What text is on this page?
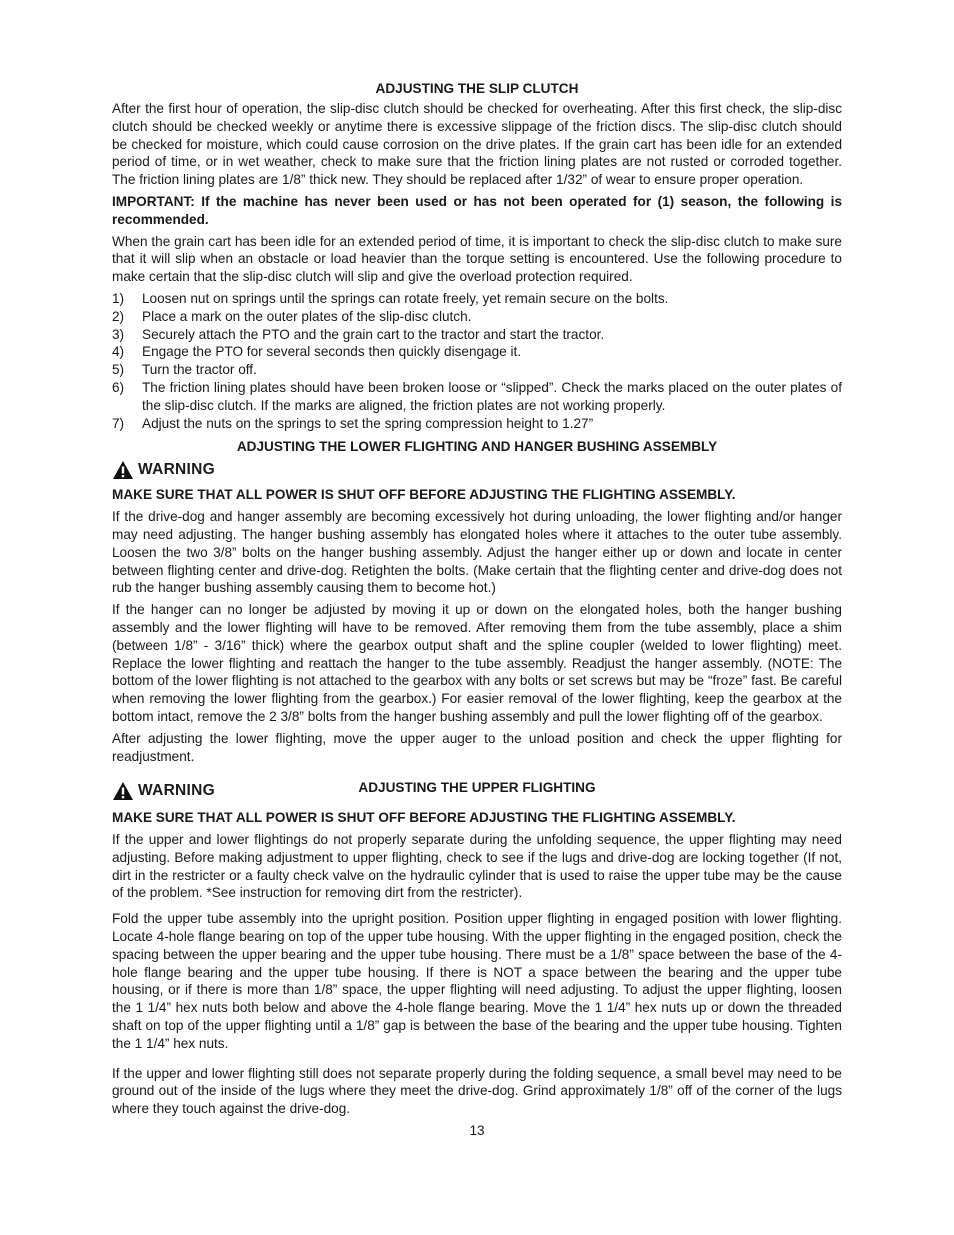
ADJUSTING THE SLIP CLUTCH

After the first hour of operation, the slip-disc clutch should be checked for overheating. After this first check, the slip-disc clutch should be checked weekly or anytime there is excessive slippage of the friction discs. The slip-disc clutch should be checked for moisture, which could cause corrosion on the drive plates. If the grain cart has been idle for an extended period of time, or in wet weather, check to make sure that the friction lining plates are not rusted or corroded together. The friction lining plates are 1/8” thick new. They should be replaced after 1/32” of wear to ensure proper operation.

IMPORTANT: If the machine has never been used or has not been operated for (1) season, the following is recommended.

When the grain cart has been idle for an extended period of time, it is important to check the slip-disc clutch to make sure that it will slip when an obstacle or load heavier than the torque setting is encountered. Use the following procedure to make certain that the slip-disc clutch will slip and give the overload protection required.

1) Loosen nut on springs until the springs can rotate freely, yet remain secure on the bolts.
2) Place a mark on the outer plates of the slip-disc clutch.
3) Securely attach the PTO and the grain cart to the tractor and start the tractor.
4) Engage the PTO for several seconds then quickly disengage it.
5) Turn the tractor off.
6) The friction lining plates should have been broken loose or “slipped”. Check the marks placed on the outer plates of the slip-disc clutch. If the marks are aligned, the friction plates are not working properly.
7) Adjust the nuts on the springs to set the spring compression height to 1.27”
ADJUSTING THE LOWER FLIGHTING AND HANGER BUSHING ASSEMBLY
WARNING

MAKE SURE THAT ALL POWER IS SHUT OFF BEFORE ADJUSTING THE FLIGHTING ASSEMBLY.

If the drive-dog and hanger assembly are becoming excessively hot during unloading, the lower flighting and/or hanger may need adjusting. The hanger bushing assembly has elongated holes where it attaches to the outer tube assembly. Loosen the two 3/8” bolts on the hanger bushing assembly. Adjust the hanger either up or down and locate in center between flighting center and drive-dog. Retighten the bolts. (Make certain that the flighting center and drive-dog does not rub the hanger bushing assembly causing them to become hot.)

If the hanger can no longer be adjusted by moving it up or down on the elongated holes, both the hanger bushing assembly and the lower flighting will have to be removed. After removing them from the tube assembly, place a shim (between 1/8” - 3/16” thick) where the gearbox output shaft and the spline coupler (welded to lower flighting) meet. Replace the lower flighting and reattach the hanger to the tube assembly. Readjust the hanger assembly. (NOTE: The bottom of the lower flighting is not attached to the gearbox with any bolts or set screws but may be “froze” fast. Be careful when removing the lower flighting from the gearbox.) For easier removal of the lower flighting, keep the gearbox at the bottom intact, remove the 2 3/8” bolts from the hanger bushing assembly and pull the lower flighting off of the gearbox.

After adjusting the lower flighting, move the upper auger to the unload position and check the upper flighting for readjustment.

ADJUSTING THE UPPER FLIGHTING
WARNING

MAKE SURE THAT ALL POWER IS SHUT OFF BEFORE ADJUSTING THE FLIGHTING ASSEMBLY.

If the upper and lower flightings do not properly separate during the unfolding sequence, the upper flighting may need adjusting. Before making adjustment to upper flighting, check to see if the lugs and drive-dog are locking together (If not, dirt in the restricter or a faulty check valve on the hydraulic cylinder that is used to raise the upper tube may be the cause of the problem. *See instruction for removing dirt from the restricter).

Fold the upper tube assembly into the upright position. Position upper flighting in engaged position with lower flighting. Locate 4-hole flange bearing on top of the upper tube housing. With the upper flighting in the engaged position, check the spacing between the upper bearing and the upper tube housing. There must be a 1/8” space between the base of the 4-hole flange bearing and the upper tube housing. If there is NOT a space between the bearing and the upper tube housing, or if there is more than 1/8” space, the upper flighting will need adjusting. To adjust the upper flighting, loosen the 1 1/4” hex nuts both below and above the 4-hole flange bearing. Move the 1 1/4” hex nuts up or down the threaded shaft on top of the upper flighting until a 1/8” gap is between the base of the bearing and the upper tube housing. Tighten the 1 1/4” hex nuts.

If the upper and lower flighting still does not separate properly during the folding sequence, a small bevel may need to be ground out of the inside of the lugs where they meet the drive-dog. Grind approximately 1/8” off of the corner of the lugs where they touch against the drive-dog.

13
